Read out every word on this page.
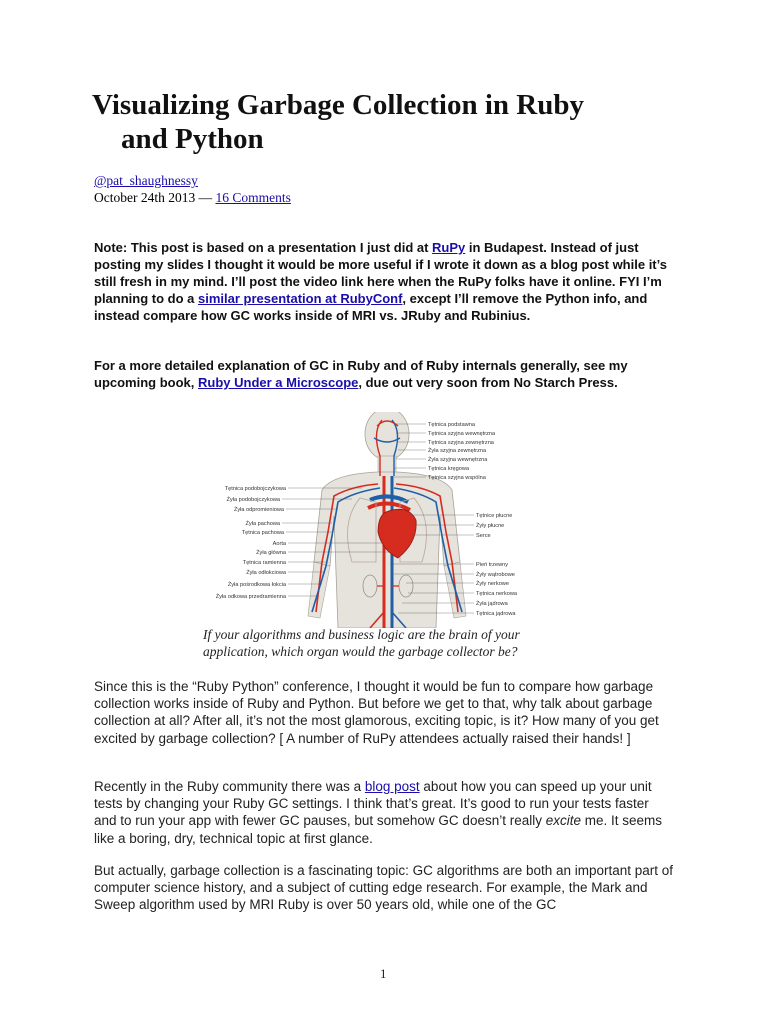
Visualizing Garbage Collection in Ruby
and Python
@pat_shaughnessy
October 24th 2013 — 16 Comments
Note: This post is based on a presentation I just did at RuPy in Budapest. Instead of just posting my slides I thought it would be more useful if I wrote it down as a blog post while it’s still fresh in my mind. I’ll post the video link here when the RuPy folks have it online. FYI I’m planning to do a similar presentation at RubyConf, except I’ll remove the Python info, and instead compare how GC works inside of MRI vs. JRuby and Rubinius.
For a more detailed explanation of GC in Ruby and of Ruby internals generally, see my upcoming book, Ruby Under a Microscope, due out very soon from No Starch Press.
Tętnica podstawna
Tętnica szyjna wewnętrzna
Tętnica szyjna zewnętrzna
Żyła szyjna zewnętrzna
Żyła szyjna wewnętrzna
Tętnica kręgowa
Tętnica szyjna wspólna
Tętnice płucne
Żyły płucne
Serce
Pień trzewny
Żyły wątrobowe
Żyły nerkowe
Tętnica nerkowa
Żyła jądrowa
Tętnica jądrowa
Tętnica podobojczykowa
Żyła podobojczykowa
Żyła odpromieniowa
Żyła pachowa
Tętnica pachowa
Aorta
Żyła główna
Tętnica ramienna
Żyła odłokciowa
Żyła pośrodkowa łokcia
Żyła odkowa przedramienna
If your algorithms and business logic are the brain of your application, which organ would the garbage collector be?

Since this is the “Ruby Python” conference, I thought it would be fun to compare how garbage collection works inside of Ruby and Python. But before we get to that, why talk about garbage collection at all? After all, it’s not the most glamorous, exciting topic, is it? How many of you get excited by garbage collection? [ A number of RuPy attendees actually raised their hands! ]

Recently in the Ruby community there was a blog post about how you can speed up your unit tests by changing your Ruby GC settings. I think that’s great. It’s good to run your tests faster and to run your app with fewer GC pauses, but somehow GC doesn’t really excite me. It seems like a boring, dry, technical topic at first glance.

But actually, garbage collection is a fascinating topic: GC algorithms are both an important part of computer science history, and a subject of cutting edge research. For example, the Mark and Sweep algorithm used by MRI Ruby is over 50 years old, while one of the GC

1
